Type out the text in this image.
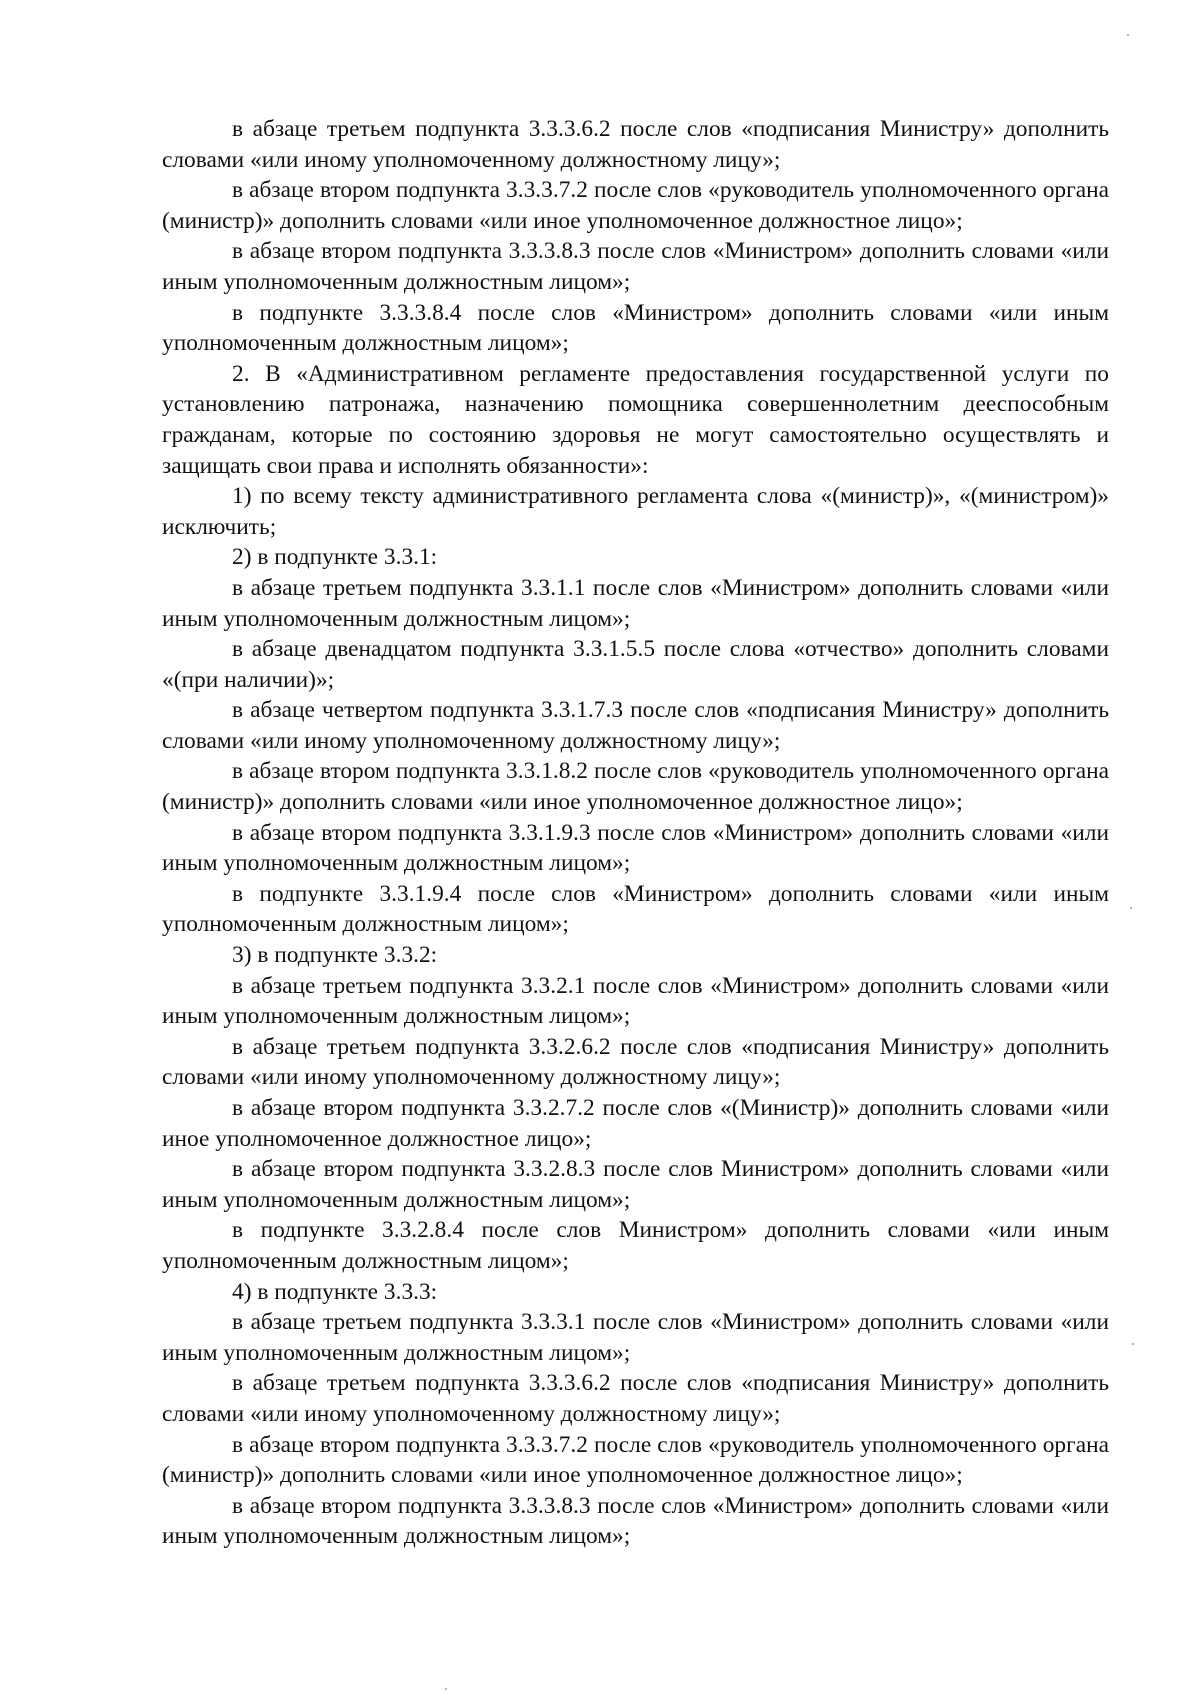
в абзаце третьем подпункта 3.3.3.6.2 после слов «подписания Министру» дополнить словами «или иному уполномоченному должностному лицу»;

в абзаце втором подпункта 3.3.3.7.2 после слов «руководитель уполномоченного органа (министр)» дополнить словами «или иное уполномоченное должностное лицо»;

в абзаце втором подпункта 3.3.3.8.3 после слов «Министром» дополнить словами «или иным уполномоченным должностным лицом»;

в подпункте 3.3.3.8.4 после слов «Министром» дополнить словами «или иным уполномоченным должностным лицом»;

2. В «Административном регламенте предоставления государственной услуги по установлению патронажа, назначению помощника совершеннолетним дееспособным гражданам, которые по состоянию здоровья не могут самостоятельно осуществлять и защищать свои права и исполнять обязанности»:

1) по всему тексту административного регламента слова «(министр)», «(министром)» исключить;

2) в подпункте 3.3.1:

в абзаце третьем подпункта 3.3.1.1 после слов «Министром» дополнить словами «или иным уполномоченным должностным лицом»;

в абзаце двенадцатом подпункта 3.3.1.5.5 после слова «отчество» дополнить словами «(при наличии)»;

в абзаце четвертом подпункта 3.3.1.7.3 после слов «подписания Министру» дополнить словами «или иному уполномоченному должностному лицу»;

в абзаце втором подпункта 3.3.1.8.2 после слов «руководитель уполномоченного органа (министр)» дополнить словами «или иное уполномоченное должностное лицо»;

в абзаце втором подпункта 3.3.1.9.3 после слов «Министром» дополнить словами «или иным уполномоченным должностным лицом»;

в подпункте 3.3.1.9.4 после слов «Министром» дополнить словами «или иным уполномоченным должностным лицом»;

3) в подпункте 3.3.2:

в абзаце третьем подпункта 3.3.2.1 после слов «Министром» дополнить словами «или иным уполномоченным должностным лицом»;

в абзаце третьем подпункта 3.3.2.6.2 после слов «подписания Министру» дополнить словами «или иному уполномоченному должностному лицу»;

в абзаце втором подпункта 3.3.2.7.2 после слов «(Министр)» дополнить словами «или иное уполномоченное должностное лицо»;

в абзаце втором подпункта 3.3.2.8.3 после слов Министром» дополнить словами «или иным уполномоченным должностным лицом»;

в подпункте 3.3.2.8.4 после слов Министром» дополнить словами «или иным уполномоченным должностным лицом»;

4) в подпункте 3.3.3:

в абзаце третьем подпункта 3.3.3.1 после слов «Министром» дополнить словами «или иным уполномоченным должностным лицом»;

в абзаце третьем подпункта 3.3.3.6.2 после слов «подписания Министру» дополнить словами «или иному уполномоченному должностному лицу»;

в абзаце втором подпункта 3.3.3.7.2 после слов «руководитель уполномоченного органа (министр)» дополнить словами «или иное уполномоченное должностное лицо»;

в абзаце втором подпункта 3.3.3.8.3 после слов «Министром» дополнить словами «или иным уполномоченным должностным лицом»;
